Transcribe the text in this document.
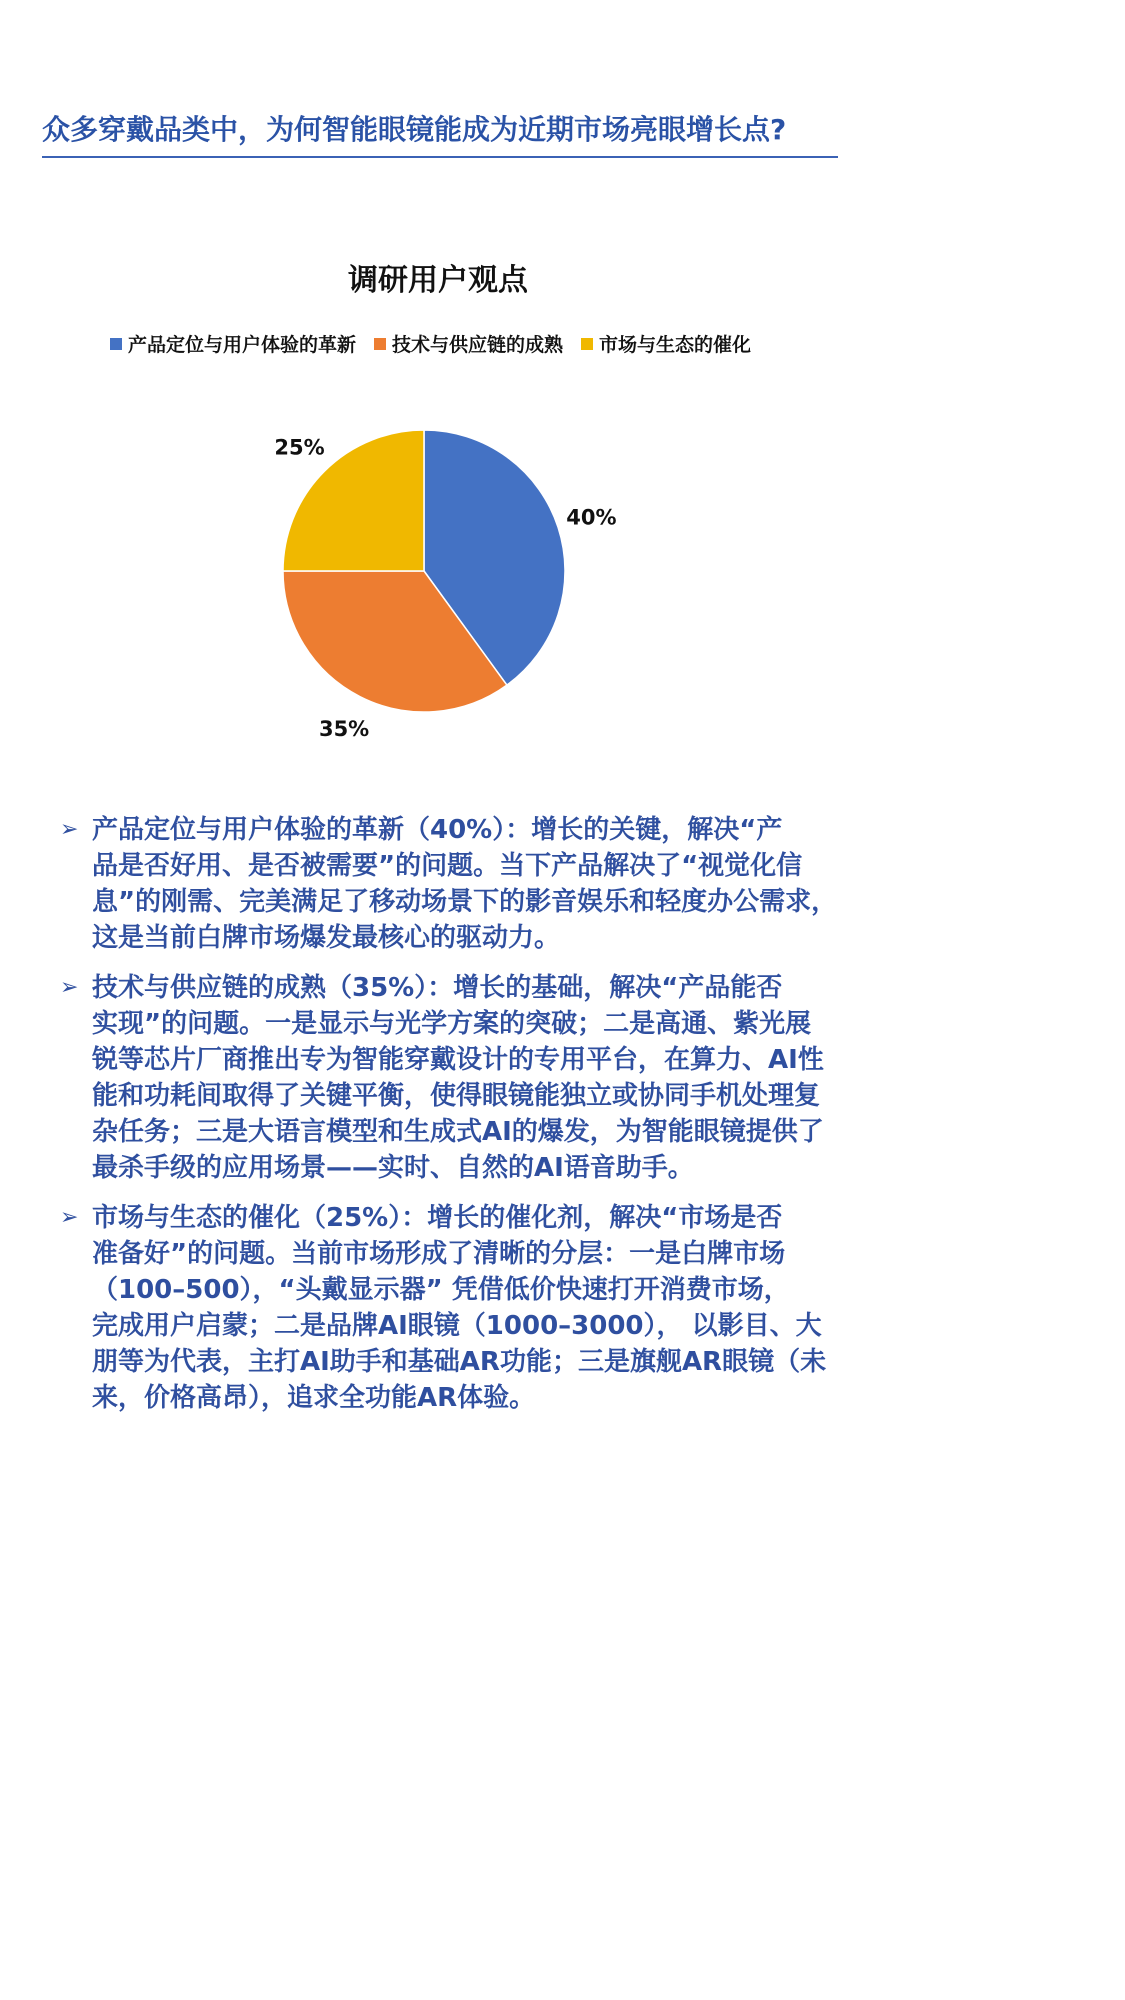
众多穿戴品类中，为何智能眼镜能成为近期市场亮眼增长点?
调研用户观点
产品定位与用户体验的革新 技术与供应链的成熟 市场与生态的催化
40%
35%
25%
➢ 产品定位与用户体验的革新（40%）：增长的关键，解决“产
品是否好用、是否被需要”的问题。当下产品解决了“视觉化信
息”的刚需、完美满足了移动场景下的影音娱乐和轻度办公需求，
这是当前白牌市场爆发最核心的驱动力。
➢ 技术与供应链的成熟（35%）：增长的基础，解决“产品能否
实现”的问题。一是显示与光学方案的突破；二是高通、紫光展
锐等芯片厂商推出专为智能穿戴设计的专用平台，在算力、AI性
能和功耗间取得了关键平衡，使得眼镜能独立或协同手机处理复
杂任务；三是大语言模型和生成式AI的爆发，为智能眼镜提供了
最杀手级的应用场景——实时、自然的AI语音助手。
➢ 市场与生态的催化（25%）：增长的催化剂，解决“市场是否
准备好”的问题。当前市场形成了清晰的分层：一是白牌市场
（100–500），“头戴显示器” 凭借低价快速打开消费市场，
完成用户启蒙；二是品牌AI眼镜（1000–3000）， 以影目、大
朋等为代表，主打AI助手和基础AR功能；三是旗舰AR眼镜（未
来，价格高昂），追求全功能AR体验。
